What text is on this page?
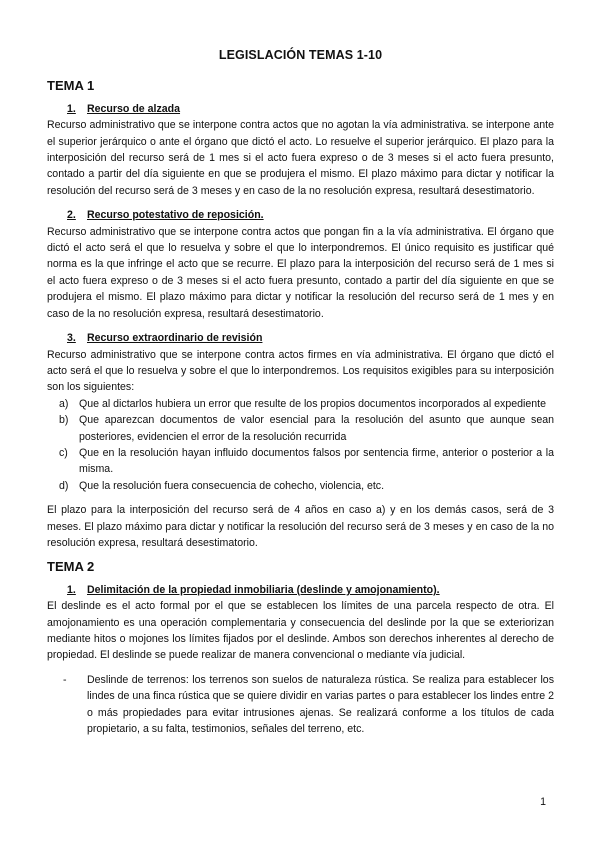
LEGISLACIÓN TEMAS 1-10
TEMA 1
1.	Recurso de alzada

Recurso administrativo que se interpone contra actos que no agotan la vía administrativa. se interpone ante el superior jerárquico o ante el órgano que dictó el acto. Lo resuelve el superior jerárquico. El plazo para la interposición del recurso será de 1 mes si el acto fuera expreso o de 3 meses si el acto fuera presunto, contado a partir del día siguiente en que se produjera el mismo. El plazo máximo para dictar y notificar la resolución del recurso será de 3 meses y en caso de la no resolución expresa, resultará desestimatorio.

2.	Recurso potestativo de reposición.

Recurso administrativo que se interpone contra actos que pongan fin a la vía administrativa. El órgano que dictó el acto será el que lo resuelva y sobre el que lo interpondremos. El único requisito es justificar qué norma es la que infringe el acto que se recurre. El plazo para la interposición del recurso será de 1 mes si el acto fuera expreso o de 3 meses si el acto fuera presunto, contado a partir del día siguiente en que se produjera el mismo. El plazo máximo para dictar y notificar la resolución del recurso será de 1 mes y en caso de la no resolución expresa, resultará desestimatorio.

3.	Recurso extraordinario de revisión

Recurso administrativo que se interpone contra actos firmes en vía administrativa. El órgano que dictó el acto será el que lo resuelva y sobre el que lo interpondremos. Los requisitos exigibles para su interposición son los siguientes:

a) Que al dictarlos hubiera un error que resulte de los propios documentos incorporados al expediente
b) Que aparezcan documentos de valor esencial para la resolución del asunto que aunque sean posteriores, evidencien el error de la resolución recurrida
c)	Que en la resolución hayan influido documentos falsos por sentencia firme, anterior o posterior a la misma.
d) Que la resolución fuera consecuencia de cohecho, violencia, etc.

El plazo para la interposición del recurso será de 4 años en caso a) y en los demás casos, será de 3 meses. El plazo máximo para dictar y notificar la resolución del recurso será de 3 meses y en caso de la no resolución expresa, resultará desestimatorio.

TEMA 2
1.	Delimitación de la propiedad inmobiliaria (deslinde y amojonamiento).

El deslinde es el acto formal por el que se establecen los límites de una parcela respecto de otra. El amojonamiento es una operación complementaria y consecuencia del deslinde por la que se exteriorizan mediante hitos o mojones los límites fijados por el deslinde. Ambos son derechos inherentes al derecho de propiedad. El deslinde se puede realizar de manera convencional o mediante vía judicial.

-	Deslinde de terrenos: los terrenos son suelos de naturaleza rústica. Se realiza para establecer los lindes de una finca rústica que se quiere dividir en varias partes o para establecer los lindes entre 2 o más propiedades para evitar intrusiones ajenas. Se realizará conforme a los títulos de cada propietario, a su falta, testimonios, señales del terreno, etc.
1
